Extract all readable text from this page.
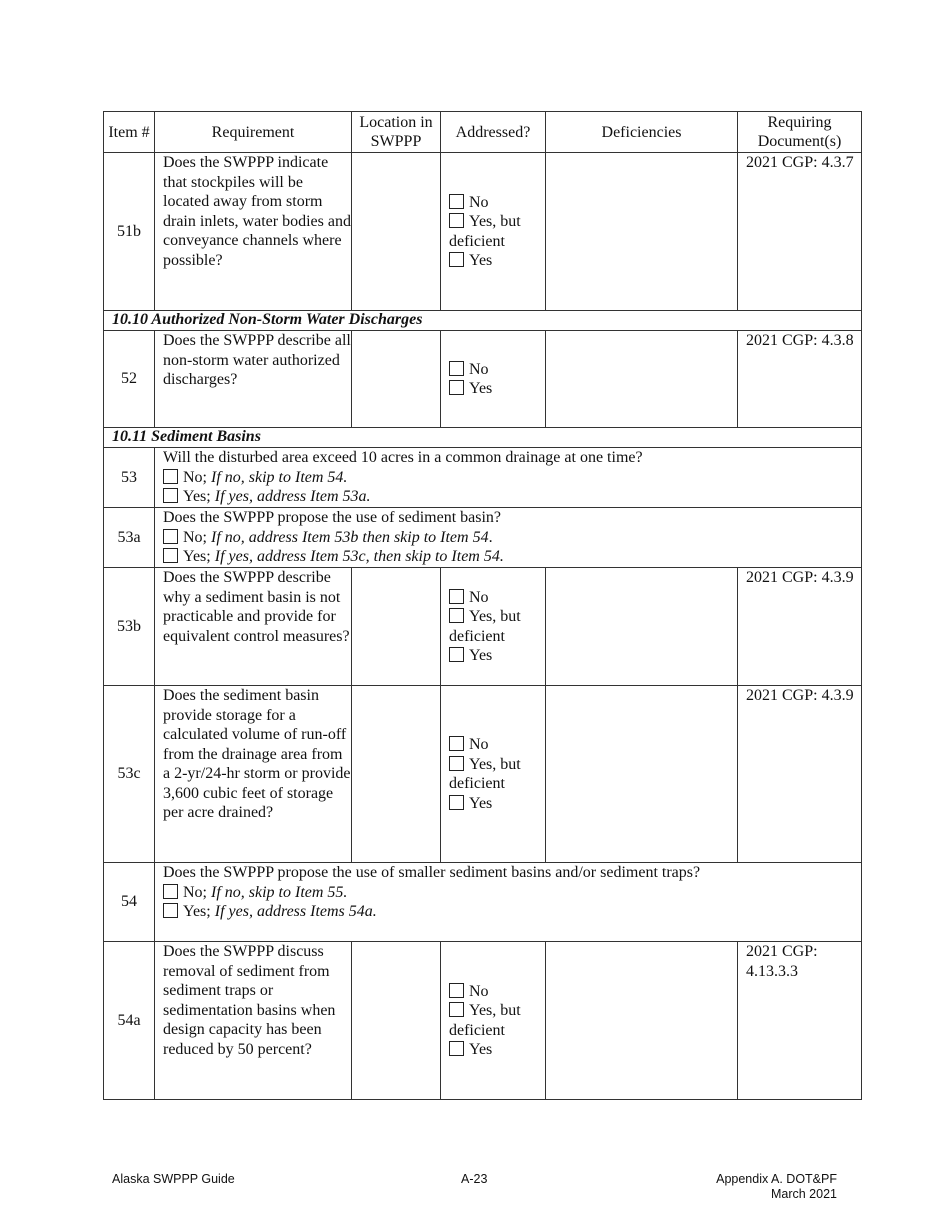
Item #	Requirement	Location in SWPPP	Addressed?	Deficiencies	Requiring Document(s)
51b	Does the SWPPP indicate that stockpiles will be located away from storm drain inlets, water bodies and conveyance channels where possible?		No
Yes, but
deficient
Yes		2021 CGP: 4.3.7
10.10 Authorized Non-Storm Water Discharges					
52	Does the SWPPP describe all non-storm water authorized discharges?		No
Yes		2021 CGP: 4.3.8
10.11 Sediment Basins					
53	Will the disturbed area exceed 10 acres in a common drainage at one time?
No; If no, skip to Item 54.
Yes; If yes, address Item 53a.				

53a	Does the SWPPP propose the use of sediment basin?
No; If no, address Item 53b then skip to Item 54.
Yes; If yes, address Item 53c, then skip to Item 54.				

53b	Does the SWPPP describe why a sediment basin is not practicable and provide for equivalent control measures?		No
Yes, but
deficient
Yes		2021 CGP: 4.3.9
53c	Does the sediment basin provide storage for a calculated volume of run-off from the drainage area from a 2-yr/24-hr storm or provide 3,600 cubic feet of storage per acre drained?		No
Yes, but
deficient
Yes		2021 CGP: 4.3.9
54	Does the SWPPP propose the use of smaller sediment basins and/or sediment traps?
No; If no, skip to Item 55.
Yes; If yes, address Items 54a.				

54a	Does the SWPPP discuss removal of sediment from sediment traps or sedimentation basins when design capacity has been reduced by 50 percent?		No
Yes, but
deficient
Yes		2021 CGP: 4.13.3.3
Alaska SWPPP Guide	A-23	Appendix A. DOT&PF
March 2021
